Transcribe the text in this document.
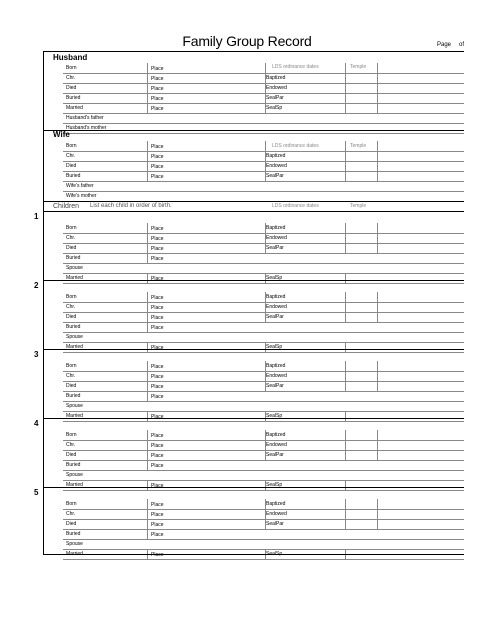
Family Group Record	Page of
Husband
LDS ordinance dates	Temple
Born	Place
Chr.	Place	Baptized
Died	Place	Endowed
Buried	Place	SealPar
Married	Place	SealSp
Husband's father
Husband's mother
Wife
LDS ordinance dates	Temple
Born	Place
Chr.	Place	Baptized
Died	Place	Endowed
Buried	Place	SealPar
Wife's father
Wife's mother
Children List each child in order of birth.	LDS ordinance dates	Temple
1
Born	Place	Baptized
Chr.	Place	Endowed
Died	Place	SealPar
Buried	Place
Spouse
Married	Place	SealSp
2
Born	Place	Baptized
Chr.	Place	Endowed
Died	Place	SealPar
Buried	Place
Spouse
Married	Place	SealSp
3
Born	Place	Baptized
Chr.	Place	Endowed
Died	Place	SealPar
Buried	Place
Spouse
Married	Place	SealSp
4
Born	Place	Baptized
Chr.	Place	Endowed
Died	Place	SealPar
Buried	Place
Spouse
Married	Place	SealSp
5
Born	Place	Baptized
Chr.	Place	Endowed
Died	Place	SealPar
Buried	Place
Spouse
Married	Place	SealSp
